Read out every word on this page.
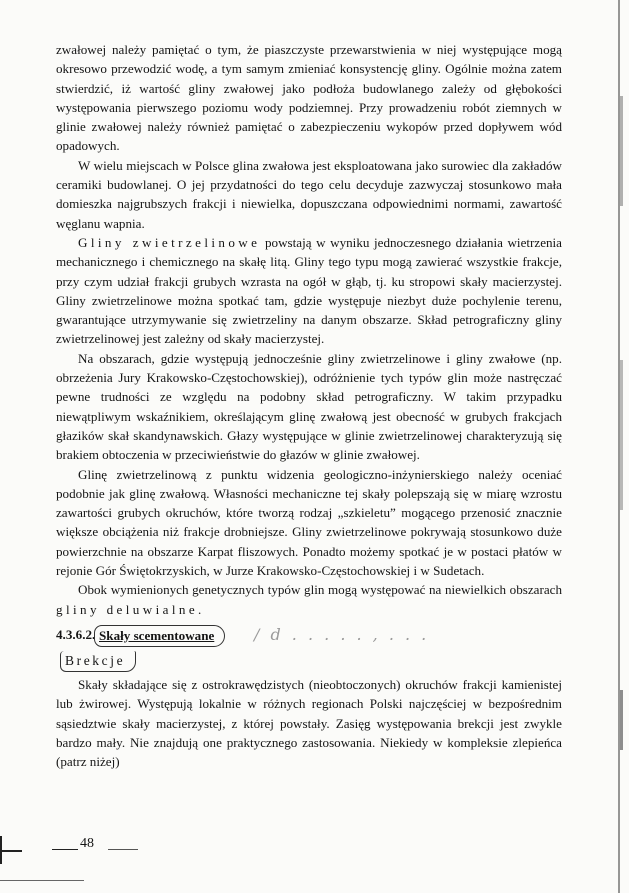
zwałowej należy pamiętać o tym, że piaszczyste przewarstwienia w niej występujące mogą okresowo przewodzić wodę, a tym samym zmieniać konsystencję gliny. Ogólnie można zatem stwierdzić, iż wartość gliny zwałowej jako podłoża budowlanego zależy od głębokości występowania pierwszego poziomu wody podziemnej. Przy prowadzeniu robót ziemnych w glinie zwałowej należy również pamiętać o zabezpieczeniu wykopów przed dopływem wód opadowych.

W wielu miejscach w Polsce glina zwałowa jest eksploatowana jako surowiec dla zakładów ceramiki budowlanej. O jej przydatności do tego celu decyduje zazwyczaj stosunkowo mała domieszka najgrubszych frakcji i niewielka, dopuszczana odpowiednimi normami, zawartość węglanu wapnia.

Gliny zwietrzelinowe powstają w wyniku jednoczesnego działania wietrzenia mechanicznego i chemicznego na skałę litą. Gliny tego typu mogą zawierać wszystkie frakcje, przy czym udział frakcji grubych wzrasta na ogół w głąb, tj. ku stropowi skały macierzystej. Gliny zwietrzelinowe można spotkać tam, gdzie występuje niezbyt duże pochylenie terenu, gwarantujące utrzymywanie się zwietrzeliny na danym obszarze. Skład petrograficzny gliny zwietrzelinowej jest zależny od skały macierzystej.

Na obszarach, gdzie występują jednocześnie gliny zwietrzelinowe i gliny zwałowe (np. obrzeżenia Jury Krakowsko-Częstochowskiej), odróżnienie tych typów glin może nastręczać pewne trudności ze względu na podobny skład petrograficzny. W takim przypadku niewątpliwym wskaźnikiem, określającym glinę zwałową jest obecność w grubych frakcjach głazików skał skandynawskich. Głazy występujące w glinie zwietrzelinowej charakteryzują się brakiem obtoczenia w przeciwieństwie do głazów w glinie zwałowej.

Glinę zwietrzelinową z punktu widzenia geologiczno-inżynierskiego należy oceniać podobnie jak glinę zwałową. Własności mechaniczne tej skały polepszają się w miarę wzrostu zawartości grubych okruchów, które tworzą rodzaj „szkieletu” mogącego przenosić znacznie większe obciążenia niż frakcje drobniejsze. Gliny zwietrzelinowe pokrywają stosunkowo duże powierzchnie na obszarze Karpat fliszowych. Ponadto możemy spotkać je w postaci płatów w rejonie Gór Świętokrzyskich, w Jurze Krakowsko-Częstochowskiej i w Sudetach.

Obok wymienionych genetycznych typów glin mogą występować na niewielkich obszarach gliny deluwialne.

4.3.6.2. Skały scementowane	/ d . . . . . , . . .
Brekcje

Skały składające się z ostrokrawędzistych (nieobtoczonych) okruchów frakcji kamienistej lub żwirowej. Występują lokalnie w różnych regionach Polski najczęściej w bezpośrednim sąsiedztwie skały macierzystej, z której powstały. Zasięg występowania brekcji jest zwykle bardzo mały. Nie znajdują one praktycznego zastosowania. Niekiedy w kompleksie zlepieńca (patrz niżej)

48
